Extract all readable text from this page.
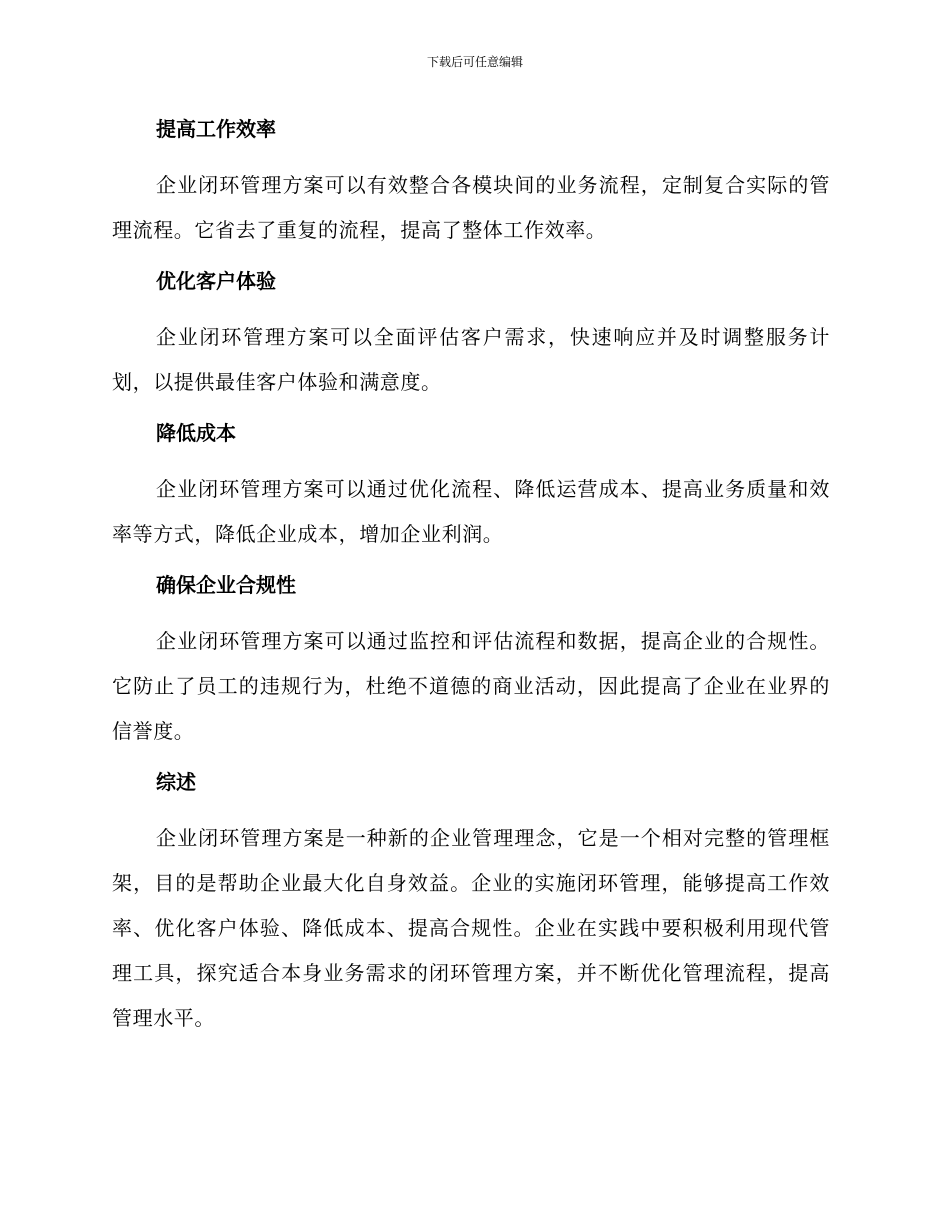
下载后可任意编辑
提高工作效率

企业闭环管理方案可以有效整合各模块间的业务流程，定制复合实际的管理流程。它省去了重复的流程，提高了整体工作效率。

优化客户体验

企业闭环管理方案可以全面评估客户需求，快速响应并及时调整服务计划，以提供最佳客户体验和满意度。

降低成本

企业闭环管理方案可以通过优化流程、降低运营成本、提高业务质量和效率等方式，降低企业成本，增加企业利润。

确保企业合规性

企业闭环管理方案可以通过监控和评估流程和数据，提高企业的合规性。它防止了员工的违规行为，杜绝不道德的商业活动，因此提高了企业在业界的信誉度。

综述

企业闭环管理方案是一种新的企业管理理念，它是一个相对完整的管理框架，目的是帮助企业最大化自身效益。企业的实施闭环管理，能够提高工作效率、优化客户体验、降低成本、提高合规性。企业在实践中要积极利用现代管理工具，探究适合本身业务需求的闭环管理方案，并不断优化管理流程，提高管理水平。
